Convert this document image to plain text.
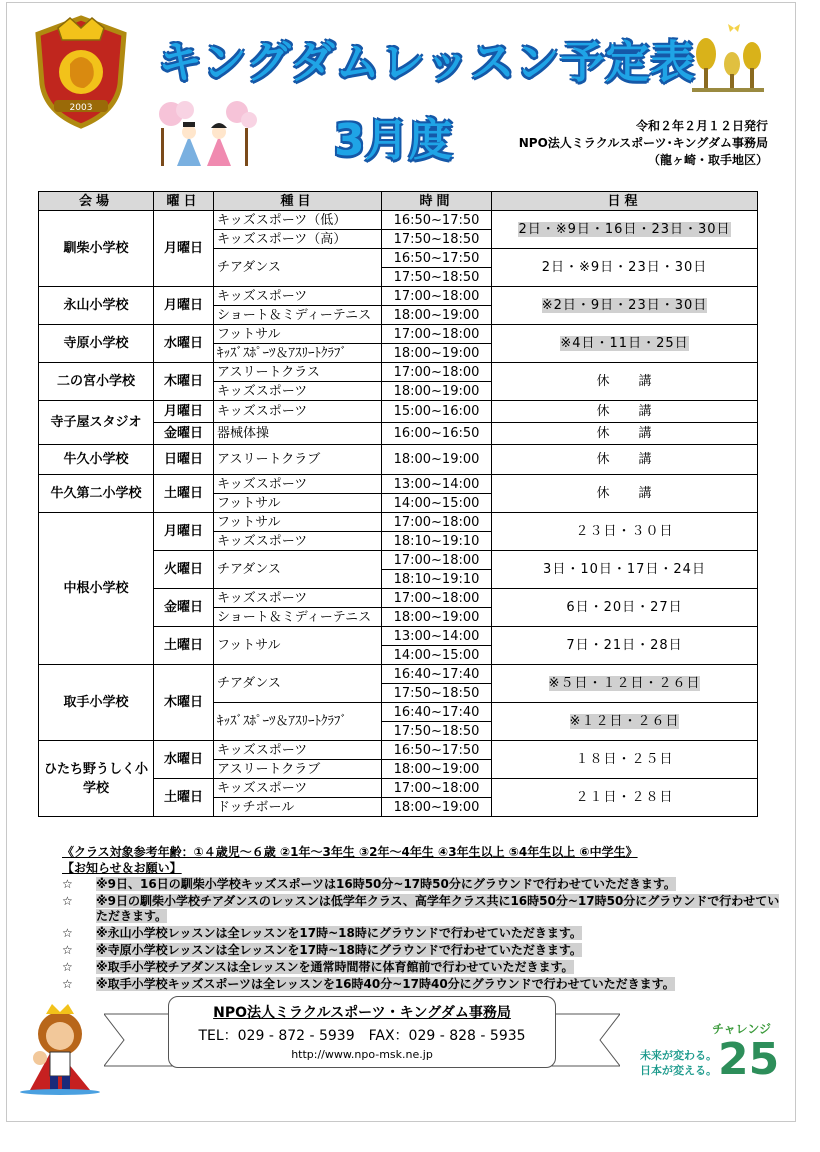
2003
キングダムレッスン予定表
3月度	令和２年２月１２日発行
NPO法人ミラクルスポーツ･キングダム事務局
（龍ヶ崎・取手地区）
会場	曜日	種目	時間	日程
馴柴小学校	月曜日	キッズスポーツ（低）	16:50~17:50	2日・※9日・16日・23日・30日
		キッズスポーツ（高）	17:50~18:50	
		チアダンス	16:50~17:50	2日・※9日・23日・30日
			17:50~18:50	
永山小学校	月曜日	キッズスポーツ	17:00~18:00	※2日・9日・23日・30日
		ショート＆ミディーテニス	18:00~19:00	
寺原小学校	水曜日	フットサル	17:00~18:00	※4日・11日・25日
		ｷｯｽﾞｽﾎﾟｰﾂ＆ｱｽﾘｰﾄｸﾗﾌﾞ	18:00~19:00	
二の宮小学校	木曜日	アスリートクラス	17:00~18:00	休　　講
		キッズスポーツ	18:00~19:00	
寺子屋スタジオ	月曜日	キッズスポーツ	15:00~16:00	休　　講
	金曜日	器械体操	16:00~16:50	休　　講
牛久小学校	日曜日	アスリートクラブ	18:00~19:00	休　　講
牛久第二小学校	土曜日	キッズスポーツ	13:00~14:00	休　　講
		フットサル	14:00~15:00	
中根小学校	月曜日	フットサル	17:00~18:00	２３日・３０日
		キッズスポーツ	18:10~19:10	
	火曜日	チアダンス	17:00~18:00	3日・10日・17日・24日
			18:10~19:10	
	金曜日	キッズスポーツ	17:00~18:00	6日・20日・27日
		ショート＆ミディーテニス	18:00~19:00	
	土曜日	フットサル	13:00~14:00	7日・21日・28日
			14:00~15:00	
取手小学校	木曜日	チアダンス	16:40~17:40	※５日・１２日・２６日
			17:50~18:50	
		ｷｯｽﾞｽﾎﾟｰﾂ＆ｱｽﾘｰﾄｸﾗﾌﾞ	16:40~17:40	※１２日・２６日
			17:50~18:50	
ひたち野うしく小学校	水曜日	キッズスポーツ	16:50~17:50	１８日・２５日
		アスリートクラブ	18:00~19:00	
	土曜日	キッズスポーツ	17:00~18:00	２１日・２８日
		ドッチボール	18:00~19:00	
《クラス対象参考年齢：①４歳児～６歳 ②1年～3年生 ③2年～4年生 ④3年生以上 ⑤4年生以上 ⑥中学生》
【お知らせ＆お願い】
☆ ※9日、16日の馴柴小学校キッズスポーツは16時50分~17時50分にグラウンドで行わせていただきます。
☆ ※9日の馴柴小学校チアダンスのレッスンは低学年クラス、高学年クラス共に16時50分~17時50分にグラウンドで行わせていただきます。
☆ ※永山小学校レッスンは全レッスンを17時~18時にグラウンドで行わせていただきます。
☆ ※寺原小学校レッスンは全レッスンを17時~18時にグラウンドで行わせていただきます。
☆ ※取手小学校チアダンスは全レッスンを通常時間帯に体育館前で行わせていただきます。
☆ ※取手小学校キッズスポーツは全レッスンを16時40分~17時40分にグラウンドで行わせていただきます。
NPO法人ミラクルスポーツ・キングダム事務局
TEL：029 - 872 - 5939　FAX：029 - 828 - 5935
http://www.npo-msk.ne.jp
チャレンジ
未来が変わる。
日本が変える。 25
